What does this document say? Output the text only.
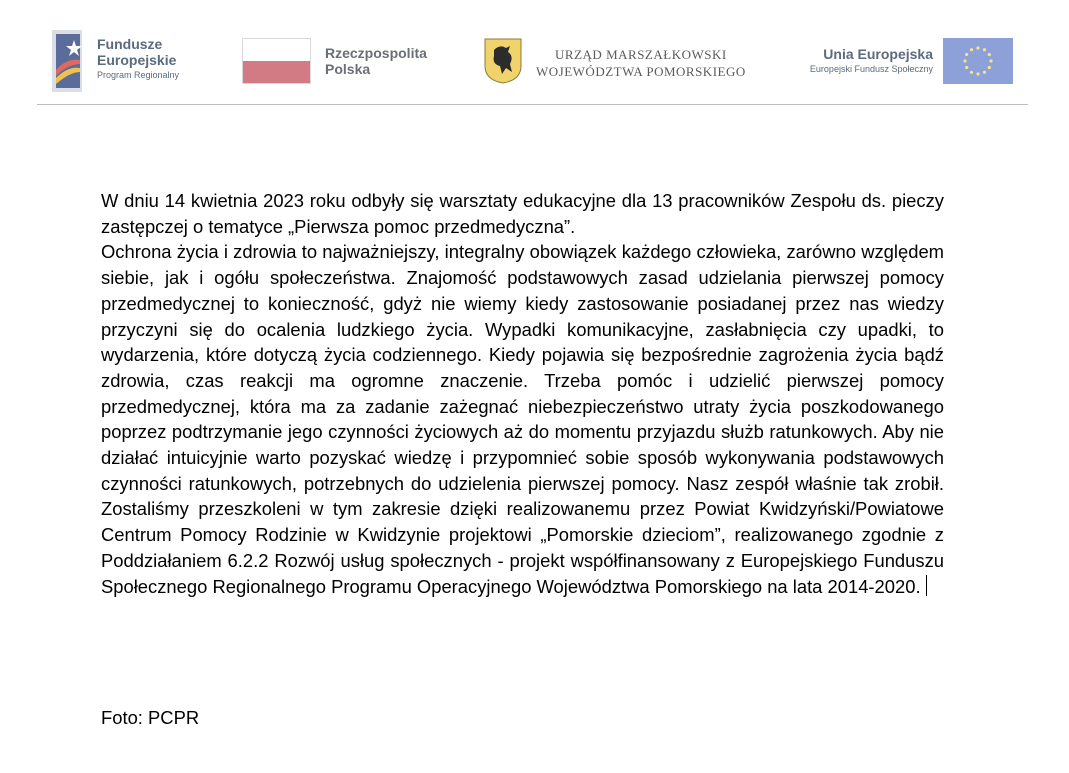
Fundusze
Europejskie
Program Regionalny
Rzeczpospolita
Polska
URZĄD MARSZAŁKOWSKI
WOJEWÓDZTWA POMORSKIEGO
Unia Europejska
Europejski Fundusz Społeczny

W dniu 14 kwietnia 2023 roku odbyły się warsztaty edukacyjne dla 13 pracowników Zespołu ds. pieczy zastępczej o tematyce „Pierwsza pomoc przedmedyczna”.

Ochrona życia i zdrowia to najważniejszy, integralny obowiązek każdego człowieka, zarówno względem siebie, jak i ogółu społeczeństwa. Znajomość podstawowych zasad udzielania pierwszej pomocy przedmedycznej to konieczność, gdyż nie wiemy kiedy zastosowanie posiadanej przez nas wiedzy przyczyni się do ocalenia ludzkiego życia. Wypadki komunikacyjne, zasłabnięcia czy upadki, to wydarzenia, które dotyczą życia codziennego. Kiedy pojawia się bezpośrednie zagrożenia życia bądź zdrowia, czas reakcji ma ogromne znaczenie. Trzeba pomóc i udzielić pierwszej pomocy przedmedycznej, która ma za zadanie zażegnać niebezpieczeństwo utraty życia poszkodowanego poprzez podtrzymanie jego czynności życiowych aż do momentu przyjazdu służb ratunkowych. Aby nie działać intuicyjnie warto pozyskać wiedzę i przypomnieć sobie sposób wykonywania podstawowych czynności ratunkowych, potrzebnych do udzielenia pierwszej pomocy. Nasz zespół właśnie tak zrobił. Zostaliśmy przeszkoleni w tym zakresie dzięki realizowanemu przez Powiat Kwidzyński/Powiatowe Centrum Pomocy Rodzinie w Kwidzynie projektowi „Pomorskie dzieciom”, realizowanego zgodnie z Poddziałaniem 6.2.2 Rozwój usług społecznych - projekt współfinansowany z Europejskiego Funduszu Społecznego Regionalnego Programu Operacyjnego Województwa Pomorskiego na lata 2014-2020.

Foto: PCPR
